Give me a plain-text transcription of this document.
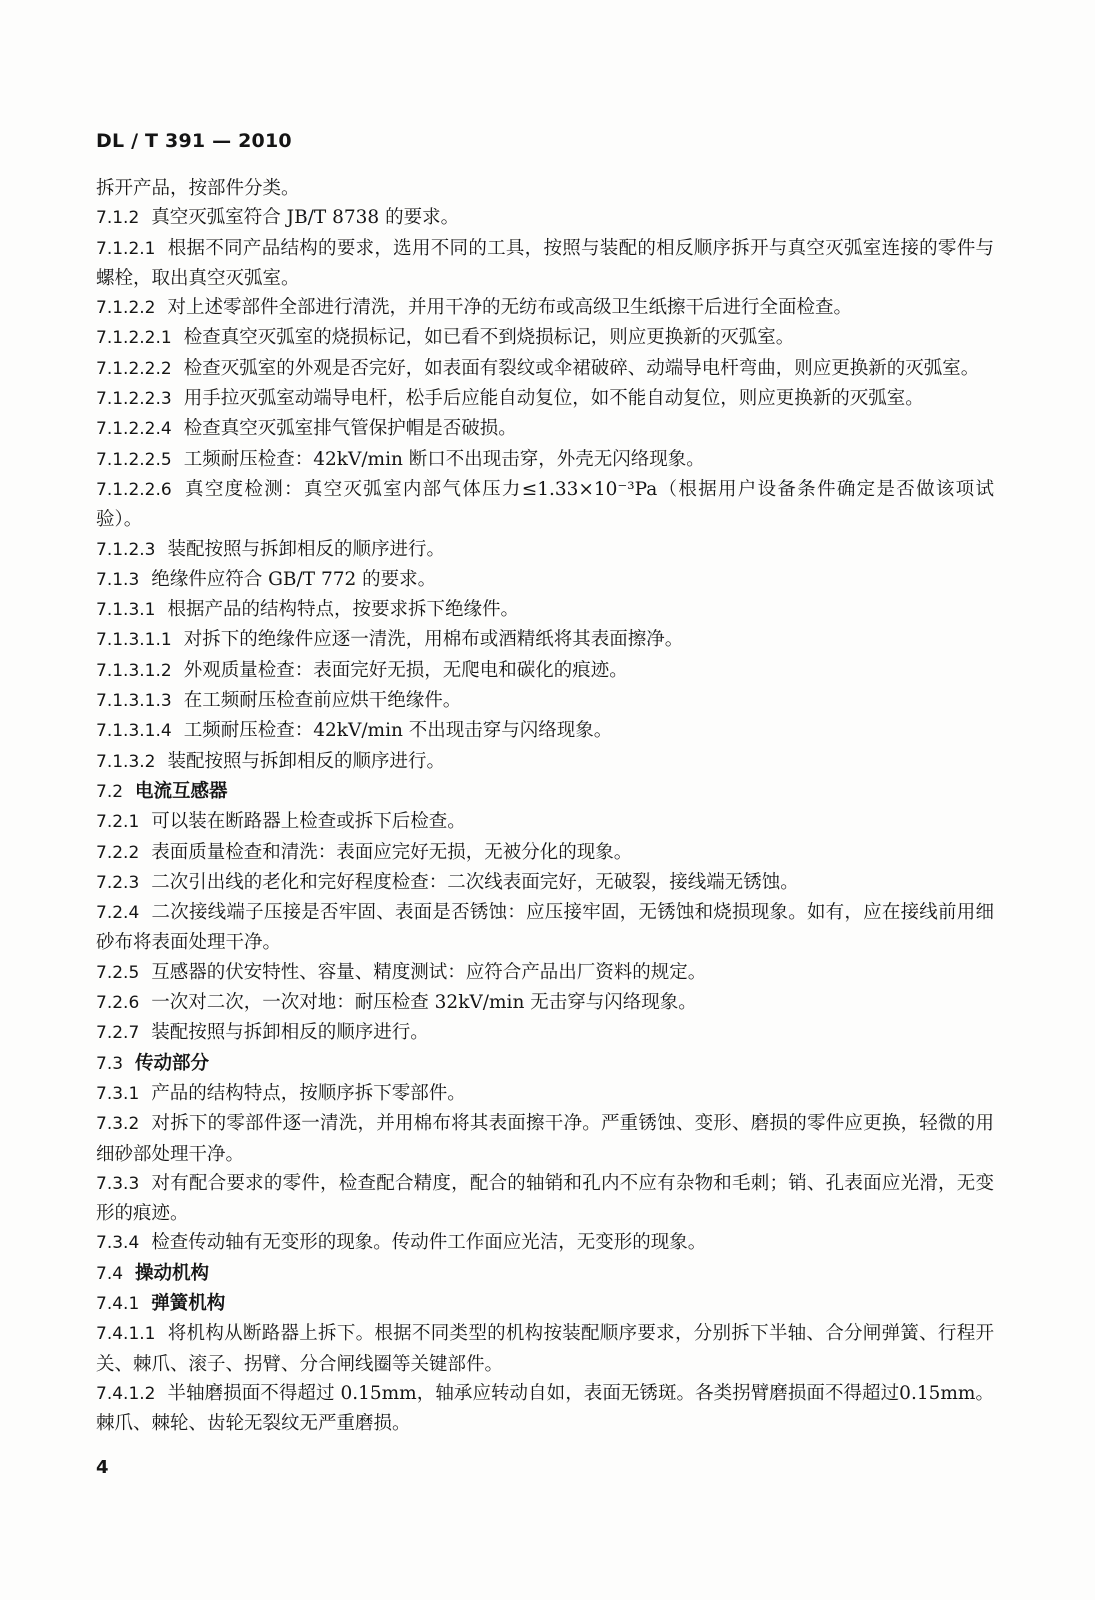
DL / T 391 — 2010

拆开产品，按部件分类。

7.1.2 真空灭弧室符合 JB/T 8738 的要求。

7.1.2.1 根据不同产品结构的要求，选用不同的工具，按照与装配的相反顺序拆开与真空灭弧室连接的零件与螺栓，取出真空灭弧室。

7.1.2.2 对上述零部件全部进行清洗，并用干净的无纺布或高级卫生纸擦干后进行全面检查。

7.1.2.2.1 检查真空灭弧室的烧损标记，如已看不到烧损标记，则应更换新的灭弧室。

7.1.2.2.2 检查灭弧室的外观是否完好，如表面有裂纹或伞裙破碎、动端导电杆弯曲，则应更换新的灭弧室。

7.1.2.2.3 用手拉灭弧室动端导电杆，松手后应能自动复位，如不能自动复位，则应更换新的灭弧室。

7.1.2.2.4 检查真空灭弧室排气管保护帽是否破损。

7.1.2.2.5 工频耐压检查：42kV/min 断口不出现击穿，外壳无闪络现象。

7.1.2.2.6 真空度检测：真空灭弧室内部气体压力≤1.33×10⁻³Pa（根据用户设备条件确定是否做该项试验）。

7.1.2.3 装配按照与拆卸相反的顺序进行。

7.1.3 绝缘件应符合 GB/T 772 的要求。

7.1.3.1 根据产品的结构特点，按要求拆下绝缘件。

7.1.3.1.1 对拆下的绝缘件应逐一清洗，用棉布或酒精纸将其表面擦净。

7.1.3.1.2 外观质量检查：表面完好无损，无爬电和碳化的痕迹。

7.1.3.1.3 在工频耐压检查前应烘干绝缘件。

7.1.3.1.4 工频耐压检查：42kV/min 不出现击穿与闪络现象。

7.1.3.2 装配按照与拆卸相反的顺序进行。

7.2 电流互感器

7.2.1 可以装在断路器上检查或拆下后检查。

7.2.2 表面质量检查和清洗：表面应完好无损，无被分化的现象。

7.2.3 二次引出线的老化和完好程度检查：二次线表面完好，无破裂，接线端无锈蚀。

7.2.4 二次接线端子压接是否牢固、表面是否锈蚀：应压接牢固，无锈蚀和烧损现象。如有，应在接线前用细砂布将表面处理干净。

7.2.5 互感器的伏安特性、容量、精度测试：应符合产品出厂资料的规定。

7.2.6 一次对二次，一次对地：耐压检查 32kV/min 无击穿与闪络现象。

7.2.7 装配按照与拆卸相反的顺序进行。

7.3 传动部分

7.3.1 产品的结构特点，按顺序拆下零部件。

7.3.2 对拆下的零部件逐一清洗，并用棉布将其表面擦干净。严重锈蚀、变形、磨损的零件应更换，轻微的用细砂部处理干净。

7.3.3 对有配合要求的零件，检查配合精度，配合的轴销和孔内不应有杂物和毛刺；销、孔表面应光滑，无变形的痕迹。

7.3.4 检查传动轴有无变形的现象。传动件工作面应光洁，无变形的现象。

7.4 操动机构

7.4.1 弹簧机构

7.4.1.1 将机构从断路器上拆下。根据不同类型的机构按装配顺序要求，分别拆下半轴、合分闸弹簧、行程开关、棘爪、滚子、拐臂、分合闸线圈等关键部件。

7.4.1.2 半轴磨损面不得超过 0.15mm，轴承应转动自如，表面无锈斑。各类拐臂磨损面不得超过0.15mm。棘爪、棘轮、齿轮无裂纹无严重磨损。

4
